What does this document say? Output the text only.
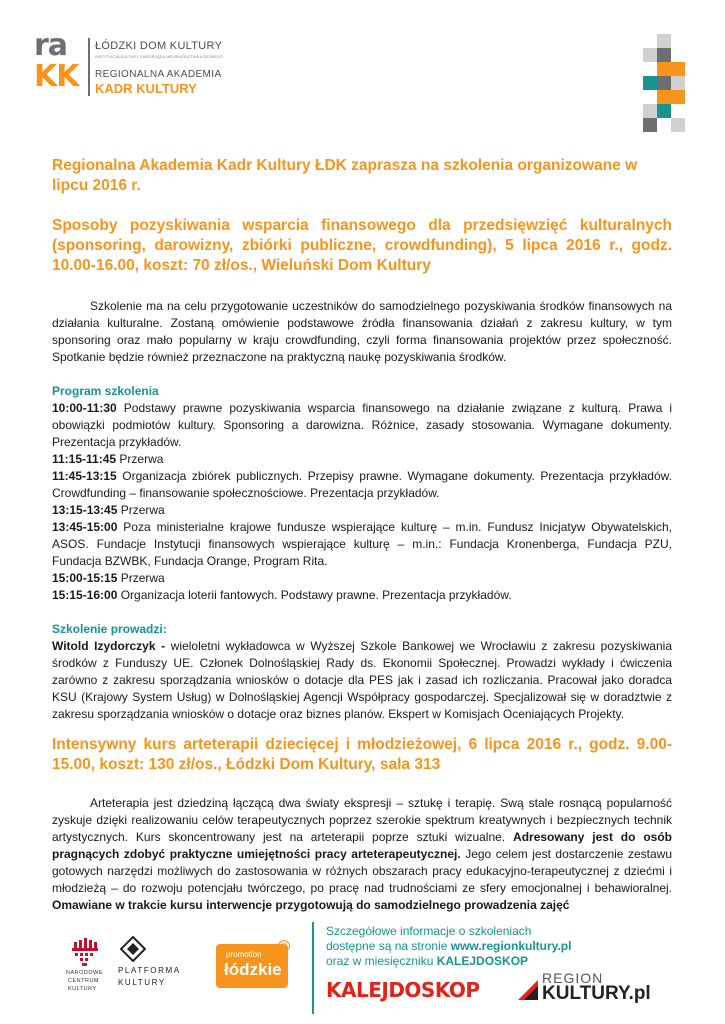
ra
KK
ŁÓDZKI DOM KULTURY
INSTYTUCJA KULTURY SAMORZĄDU WOJEWÓDZTWA ŁÓDZKIEGO
REGIONALNA AKADEMIA
KADR KULTURY
Regionalna Akademia Kadr Kultury ŁDK zaprasza na szkolenia organizowane w lipcu 2016 r.
Sposoby pozyskiwania wsparcia finansowego dla przedsięwzięć kulturalnych (sponsoring, darowizny, zbiórki publiczne, crowdfunding), 5 lipca 2016 r., godz. 10.00-16.00, koszt: 70 zł/os., Wieluński Dom Kultury

Szkolenie ma na celu przygotowanie uczestników do samodzielnego pozyskiwania środków finansowych na działania kulturalne. Zostaną omówienie podstawowe źródła finansowania działań z zakresu kultury, w tym sponsoring oraz mało popularny w kraju crowdfunding, czyli forma finansowania projektów przez społeczność. Spotkanie będzie również przeznaczone na praktyczną naukę pozyskiwania środków.

Program szkolenia
10:00-11:30 Podstawy prawne pozyskiwania wsparcia finansowego na działanie związane z kulturą. Prawa i obowiązki podmiotów kultury. Sponsoring a darowizna. Różnice, zasady stosowania. Wymagane dokumenty. Prezentacja przykładów.
11:15-11:45 Przerwa
11:45-13:15 Organizacja zbiórek publicznych. Przepisy prawne. Wymagane dokumenty. Prezentacja przykładów. Crowdfunding – finansowanie społecznościowe. Prezentacja przykładów.
13:15-13:45 Przerwa
13:45-15:00 Poza ministerialne krajowe fundusze wspierające kulturę – m.in. Fundusz Inicjatyw Obywatelskich, ASOS. Fundacje Instytucji finansowych wspierające kulturę – m.in.: Fundacja Kronenberga, Fundacja PZU, Fundacja BZWBK, Fundacja Orange, Program Rita.
15:00-15:15 Przerwa
15:15-16:00 Organizacja loterii fantowych. Podstawy prawne. Prezentacja przykładów.
Szkolenie prowadzi:

Witold Izydorczyk - wieloletni wykładowca w Wyższej Szkole Bankowej we Wrocławiu z zakresu pozyskiwania środków z Funduszy UE. Członek Dolnośląskiej Rady ds. Ekonomii Społecznej. Prowadzi wykłady i ćwiczenia zarówno z zakresu sporządzania wniosków o dotacje dla PES jak i zasad ich rozliczania. Pracował jako doradca KSU (Krajowy System Usług) w Dolnośląskiej Agencji Współpracy gospodarczej. Specjalizował się w doradztwie z zakresu sporządzania wniosków o dotacje oraz biznes planów. Ekspert w Komisjach Oceniających Projekty.

Intensywny kurs arteterapii dziecięcej i młodzieżowej, 6 lipca 2016 r., godz. 9.00-15.00, koszt: 130 zł/os., Łódzki Dom Kultury, sala 313

Arteterapia jest dziedziną łączącą dwa światy ekspresji – sztukę i terapię. Swą stale rosnącą popularność zyskuje dzięki realizowaniu celów terapeutycznych poprzez szerokie spektrum kreatywnych i bezpiecznych technik artystycznych. Kurs skoncentrowany jest na arteterapii poprze sztuki wizualne. Adresowany jest do osób pragnących zdobyć praktyczne umiejętności pracy arteterapeutycznej. Jego celem jest dostarczenie zestawu gotowych narzędzi możliwych do zastosowania w różnych obszarach pracy edukacyjno-terapeutycznej z dziećmi i młodzieżą – do rozwoju potencjału twórczego, po pracę nad trudnościami ze sfery emocjonalnej i behawioralnej. Omawiane w trakcie kursu interwencje przygotowują do samodzielnego prowadzenia zajęć

NARODOWE
CENTRUM
KULTURY
PLATFORMA
KULTURY
promotion
łódzkie
©
Szczegółowe informacje o szkoleniach
dostępne są na stronie www.regionkultury.pl
oraz w miesięczniku KALEJDOSKOP
KALEJDOSKOP	REGION
KULTURY.pl
